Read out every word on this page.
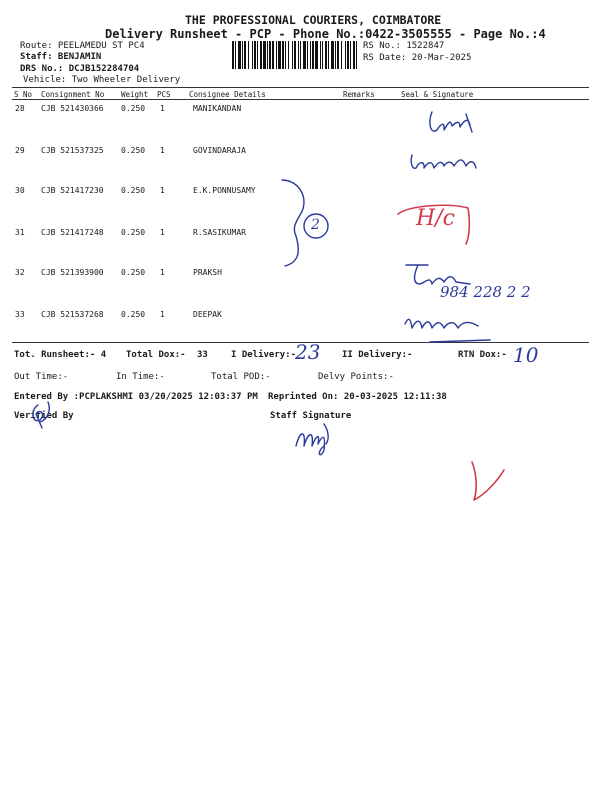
THE PROFESSIONAL COURIERS, COIMBATORE
Delivery Runsheet - PCP - Phone No.:0422-3505555 - Page No.:4
Route: PEELAMEDU ST PC4
Staff: BENJAMIN
DRS No.: DCJB152284704
Vehicle: Two Wheeler Delivery
RS No.: 1522847
RS Date: 20-Mar-2025
S No Consignment No Weight PCS Consignee Details	Remarks	Seal & Signature
28 CJB 521430366 0.250 1	MANIKANDAN
29 CJB 521537325 0.250 1	GOVINDARAJA
30 CJB 521417230 0.250 1	E.K.PONNUSAMY
31 CJB 521417248 0.250 1	R.SASIKUMAR
32 CJB 521393900 0.250 1	PRAKSH
33 CJB 521537268 0.250 1	DEEPAK
Tot. Runsheet:- 4 Total Dox:- 33	I Delivery:-
23 II Delivery:-	RTN Dox:- 10
Out Time:-	In Time:-	Total POD:-	Delvy Points:-
Entered By :PCPLAKSHMI 03/20/2025 12:03:37 PM Reprinted On: 20-03-2025 12:11:38
Verified By	Staff Signature
2	H/c
984 228 2 2
